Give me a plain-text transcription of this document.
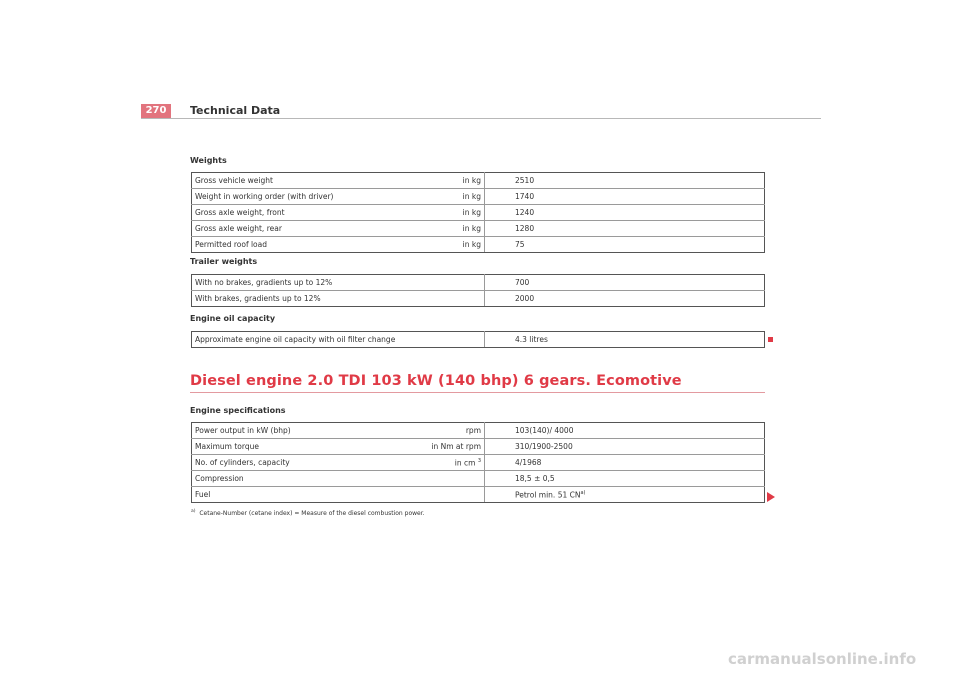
270	Technical Data
Weights
Gross vehicle weight	in kg	2510
Weight in working order (with driver)	in kg	1740
Gross axle weight, front	in kg	1240
Gross axle weight, rear	in kg	1280
Permitted roof load	in kg	75
Trailer weights
With no brakes, gradients up to 12%		700
With brakes, gradients up to 12%		2000
Engine oil capacity
Approximate engine oil capacity with oil filter change		4.3 litres
Diesel engine 2.0 TDI 103 kW (140 bhp) 6 gears. Ecomotive
Engine specifications
Power output in kW (bhp)	rpm	103(140)/ 4000
Maximum torque	in Nm at rpm	310/1900-2500
No. of cylinders, capacity	in cm $^3$	4/1968
Compression		18,5 ± 0,5
Fuel		Petrol min. 51 CN$^{a)}$
$^{a)}$ Cetane-Number (cetane index) = Measure of the diesel combustion power.
carmanualsonline.info
